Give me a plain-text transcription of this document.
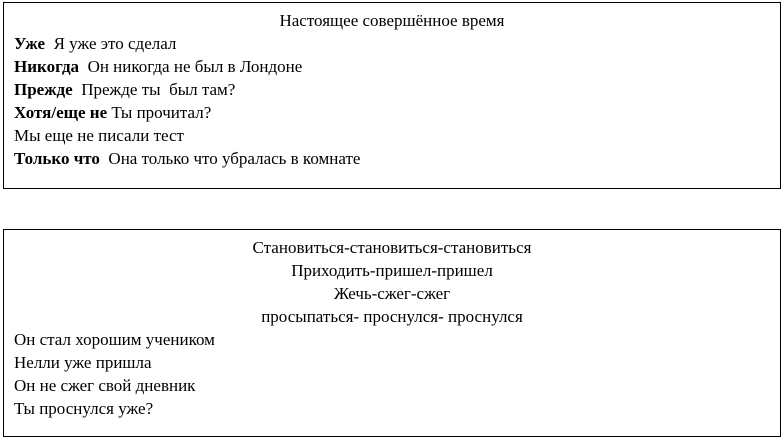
Настоящее совершённое время
Уже Я уже это сделал
Никогда Он никогда не был в Лондоне
Прежде Прежде ты  был там?
Хотя/еще не Ты прочитал?
Мы еще не писали тест
Только что Она только что убралась в комнате
Становиться-становиться-становиться
Приходить-пришел-пришел
Жечь-сжег-сжег
просыпаться- проснулся- проснулся
Он стал хорошим учеником
Нелли уже пришла
Он не сжег свой дневник
Ты проснулся уже?
